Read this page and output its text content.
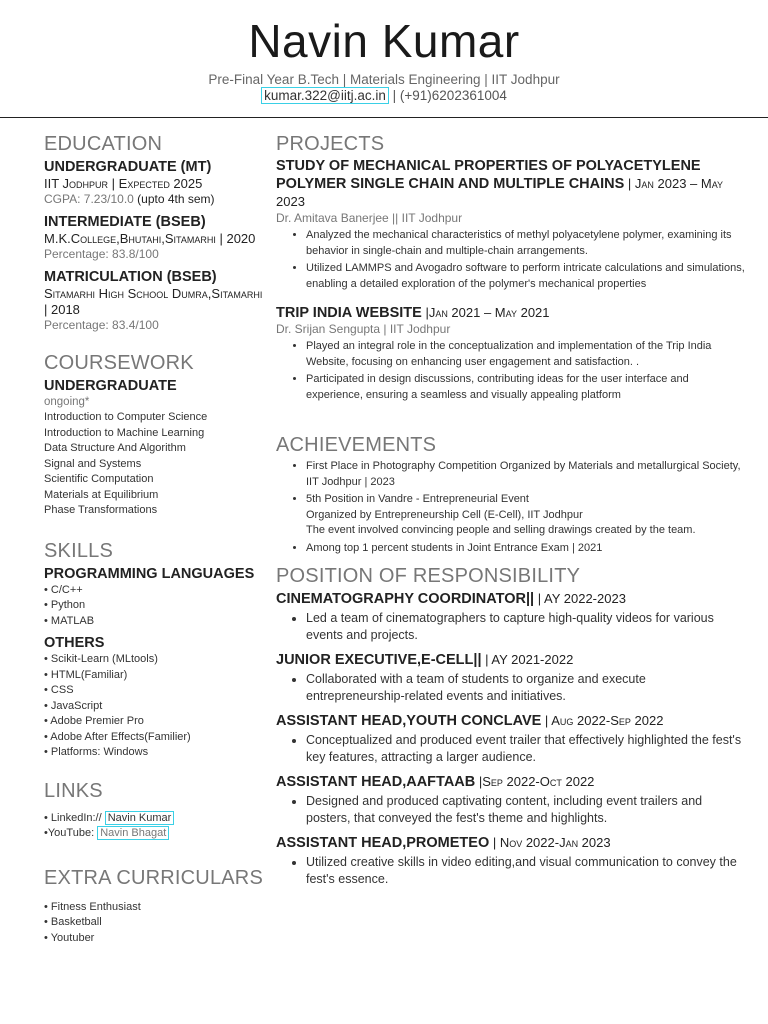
Navin Kumar
Pre-Final Year B.Tech | Materials Engineering | IIT Jodhpur
kumar.322@iitj.ac.in | (+91)6202361004
EDUCATION
UNDERGRADUATE (MT)
IIT Jodhpur | Expected 2025
CGPA: 7.23/10.0 (upto 4th sem)
INTERMEDIATE (BSEB)
M.K.College,Bhutahi,Sitamarhi | 2020
Percentage: 83.8/100
MATRICULATION (BSEB)
Sitamarhi High School Dumra,Sitamarhi | 2018
Percentage: 83.4/100
COURSEWORK
UNDERGRADUATE
ongoing*
Introduction to Computer Science
Introduction to Machine Learning
Data Structure And Algorithm
Signal and Systems
Scientific Computation
Materials at Equilibrium
Phase Transformations
SKILLS
PROGRAMMING LANGUAGES
• C/C++
• Python
• MATLAB
OTHERS
• Scikit-Learn (MLtools)
• HTML(Familiar)
• CSS
• JavaScript
• Adobe Premier Pro
• Adobe After Effects(Familier)
• Platforms: Windows
LINKS
• LinkedIn:// Navin Kumar
•YouTube: Navin Bhagat
EXTRA CURRICULARS
• Fitness Enthusiast
• Basketball
• Youtuber
PROJECTS
STUDY OF MECHANICAL PROPERTIES OF POLYACETYLENE POLYMER SINGLE CHAIN AND MULTIPLE CHAINS | Jan 2023 – May 2023
Dr. Amitava Banerjee || IIT Jodhpur
• Analyzed the mechanical characteristics of methyl polyacetylene polymer, examining its behavior in single-chain and multiple-chain arrangements.
• Utilized LAMMPS and Avogadro software to perform intricate calculations and simulations, enabling a detailed exploration of the polymer's mechanical properties
TRIP INDIA WEBSITE |Jan 2021 – May 2021
Dr. Srijan Sengupta | IIT Jodhpur
• Played an integral role in the conceptualization and implementation of the Trip India Website, focusing on enhancing user engagement and satisfaction. .
• Participated in design discussions, contributing ideas for the user interface and experience, ensuring a seamless and visually appealing platform
ACHIEVEMENTS
• First Place in Photography Competition Organized by Materials and metallurgical Society, IIT Jodhpur | 2023
• 5th Position in Vandre - Entrepreneurial Event
Organized by Entrepreneurship Cell (E-Cell), IIT Jodhpur
The event involved convincing people and selling drawings created by the team.
• Among top 1 percent students in Joint Entrance Exam | 2021
POSITION OF RESPONSIBILITY
CINEMATOGRAPHY COORDINATOR|| | AY 2022-2023
• Led a team of cinematographers to capture high-quality videos for various events and projects.
JUNIOR EXECUTIVE,E-CELL|| | AY 2021-2022
• Collaborated with a team of students to organize and execute entrepreneurship-related events and initiatives.
ASSISTANT HEAD,YOUTH CONCLAVE | Aug 2022-Sep 2022
• Conceptualized and produced event trailer that effectively highlighted the fest's key features, attracting a larger audience.
ASSISTANT HEAD,AAFTAAB |Sep 2022-Oct 2022
• Designed and produced captivating content, including event trailers and posters, that conveyed the fest's theme and highlights.
ASSISTANT HEAD,PROMETEO | Nov 2022-Jan 2023
• Utilized creative skills in video editing,and visual communication to convey the fest's essence.
